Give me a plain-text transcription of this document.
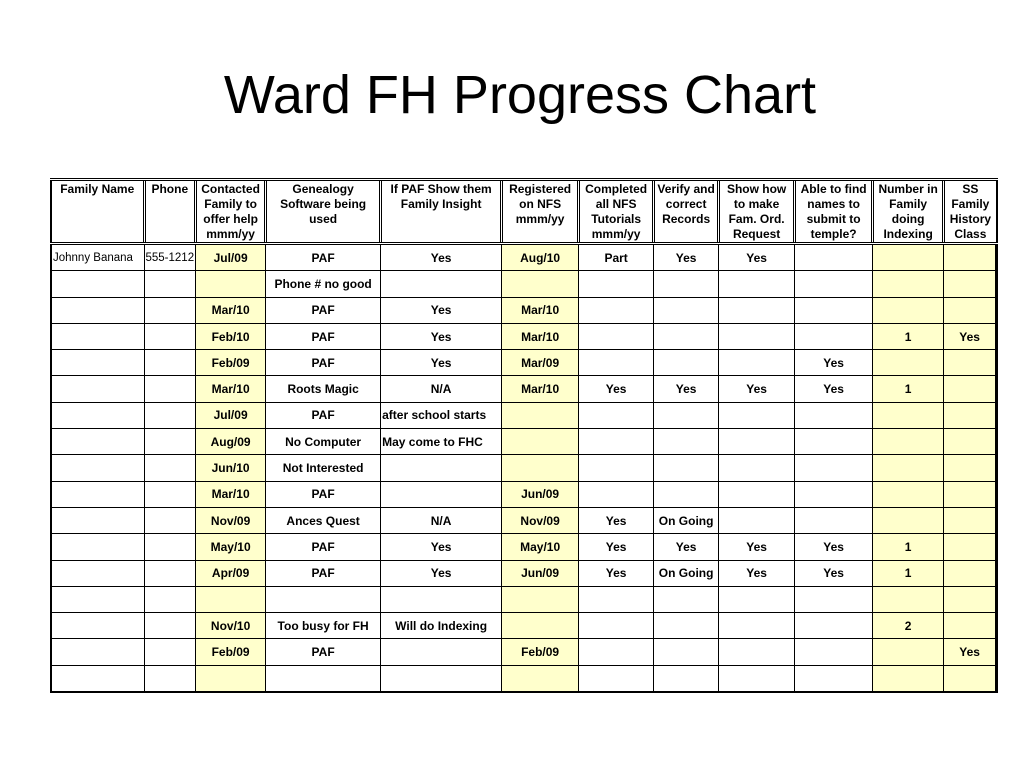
Ward FH Progress Chart
Family Name	Phone	Contacted Family to offer help mmm/yy	Genealogy Software being used	If PAF Show them Family Insight	Registered on NFS mmm/yy	Completed all NFS Tutorials mmm/yy	Verify and correct Records	Show how to make Fam. Ord. Request	Able to find names to submit to temple?	Number in Family doing Indexing	SS Family History Class
Johnny Banana	555-1212	Jul/09	PAF	Yes	Aug/10	Part	Yes	Yes			
			Phone # no good								
		Mar/10	PAF	Yes	Mar/10						
		Feb/10	PAF	Yes	Mar/10					1	Yes
		Feb/09	PAF	Yes	Mar/09				Yes		
		Mar/10	Roots Magic	N/A	Mar/10	Yes	Yes	Yes	Yes	1	
		Jul/09	PAF	after school starts							
		Aug/09	No Computer	May come to FHC							
		Jun/10	Not Interested								
		Mar/10	PAF		Jun/09						
		Nov/09	Ances Quest	N/A	Nov/09	Yes	On Going				
		May/10	PAF	Yes	May/10	Yes	Yes	Yes	Yes	1	
		Apr/09	PAF	Yes	Jun/09	Yes	On Going	Yes	Yes	1	

		Nov/10	Too busy for FH	Will do Indexing						2	
		Feb/09	PAF		Feb/09						Yes
